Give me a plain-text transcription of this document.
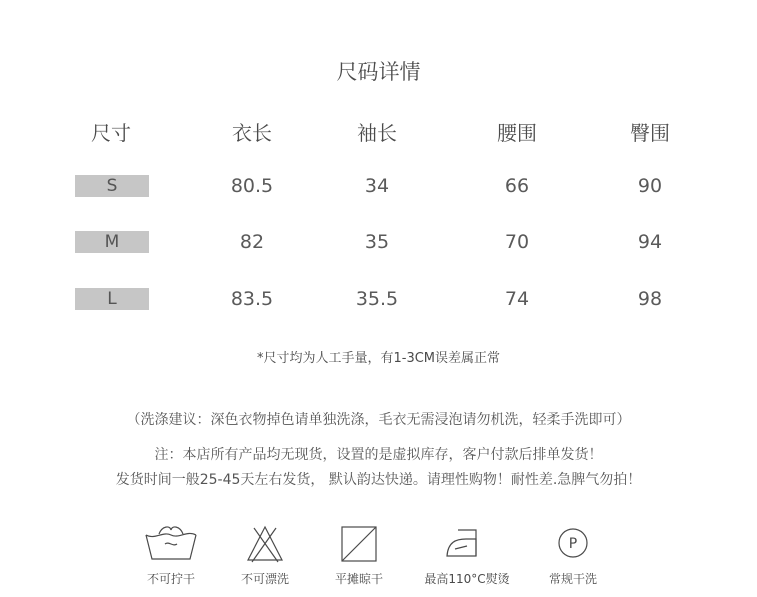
尺码详情
尺寸	衣长	袖长	腰围	臀围
S	80.5	34	66	90
M	82	35	70	94
L	83.5	35.5	74	98
*尺寸均为人工手量，有1-3CM误差属正常
（洗涤建议：深色衣物掉色请单独洗涤，毛衣无需浸泡请勿机洗，轻柔手洗即可）
注：本店所有产品均无现货，设置的是虚拟库存，客户付款后排单发货！
发货时间一般25-45天左右发货， 默认韵达快递。请理性购物！耐性差.急脾气勿拍！
不可拧干	不可漂洗	平摊晾干	最高110°C熨烫
P
常规干洗
